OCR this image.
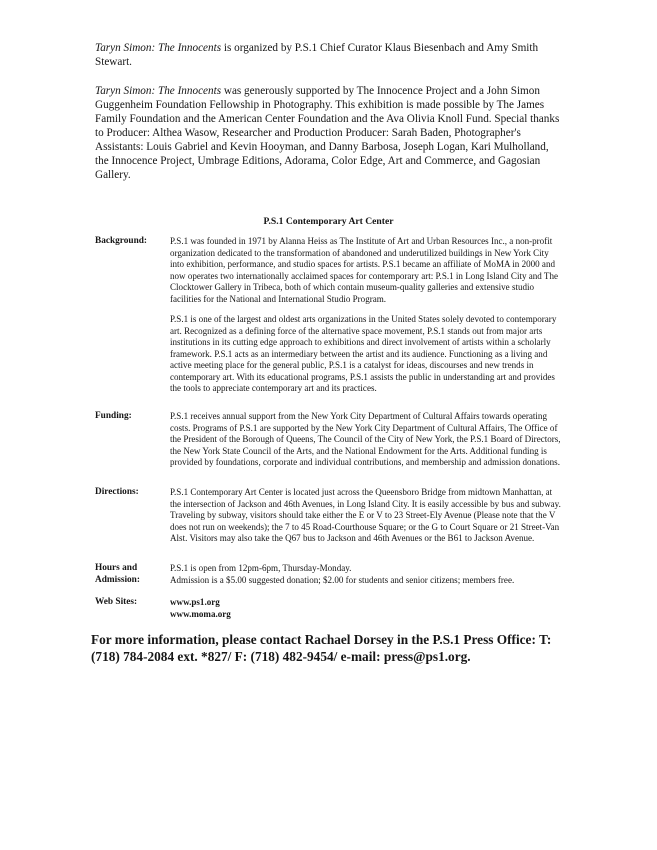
Taryn Simon: The Innocents is organized by P.S.1 Chief Curator Klaus Biesenbach and Amy Smith Stewart.

Taryn Simon: The Innocents was generously supported by The Innocence Project and a John Simon Guggenheim Foundation Fellowship in Photography. This exhibition is made possible by The James Family Foundation and the American Center Foundation and the Ava Olivia Knoll Fund. Special thanks to Producer: Althea Wasow, Researcher and Production Producer: Sarah Baden, Photographer's Assistants: Louis Gabriel and Kevin Hooyman, and Danny Barbosa, Joseph Logan, Kari Mulholland, the Innocence Project, Umbrage Editions, Adorama, Color Edge, Art and Commerce, and Gagosian Gallery.

P.S.1 Contemporary Art Center
Background:	P.S.1 was founded in 1971 by Alanna Heiss as The Institute of Art and Urban Resources Inc., a non-profit organization dedicated to the transformation of abandoned and underutilized buildings in New York City into exhibition, performance, and studio spaces for artists. P.S.1 became an affiliate of MoMA in 2000 and now operates two internationally acclaimed spaces for contemporary art: P.S.1 in Long Island City and The Clocktower Gallery in Tribeca, both of which contain museum-quality galleries and extensive studio facilities for the National and International Studio Program.

P.S.1 is one of the largest and oldest arts organizations in the United States solely devoted to contemporary art. Recognized as a defining force of the alternative space movement, P.S.1 stands out from major arts institutions in its cutting edge approach to exhibitions and direct involvement of artists within a scholarly framework. P.S.1 acts as an intermediary between the artist and its audience. Functioning as a living and active meeting place for the general public, P.S.1 is a catalyst for ideas, discourses and new trends in contemporary art. With its educational programs, P.S.1 assists the public in understanding art and provides the tools to appreciate contemporary art and its practices.

Funding:	P.S.1 receives annual support from the New York City Department of Cultural Affairs towards operating costs. Programs of P.S.1 are supported by the New York City Department of Cultural Affairs, The Office of the President of the Borough of Queens, The Council of the City of New York, the P.S.1 Board of Directors, the New York State Council of the Arts, and the National Endowment for the Arts. Additional funding is provided by foundations, corporate and individual contributions, and membership and admission donations.

Directions:	P.S.1 Contemporary Art Center is located just across the Queensboro Bridge from midtown Manhattan, at the intersection of Jackson and 46th Avenues, in Long Island City. It is easily accessible by bus and subway. Traveling by subway, visitors should take either the E or V to 23 Street-Ely Avenue (Please note that the V does not run on weekends); the 7 to 45 Road-Courthouse Square; or the G to Court Square or 21 Street-Van Alst. Visitors may also take the Q67 bus to Jackson and 46th Avenues or the B61 to Jackson Avenue.

Hours and
Admission:
P.S.1 is open from 12pm-6pm, Thursday-Monday.
Admission is a $5.00 suggested donation; $2.00 for students and senior citizens; members free.
Web Sites:	www.ps1.org
www.moma.org

For more information, please contact Rachael Dorsey in the P.S.1 Press Office: T: (718) 784-2084 ext. *827/ F: (718) 482-9454/ e-mail: press@ps1.org.
